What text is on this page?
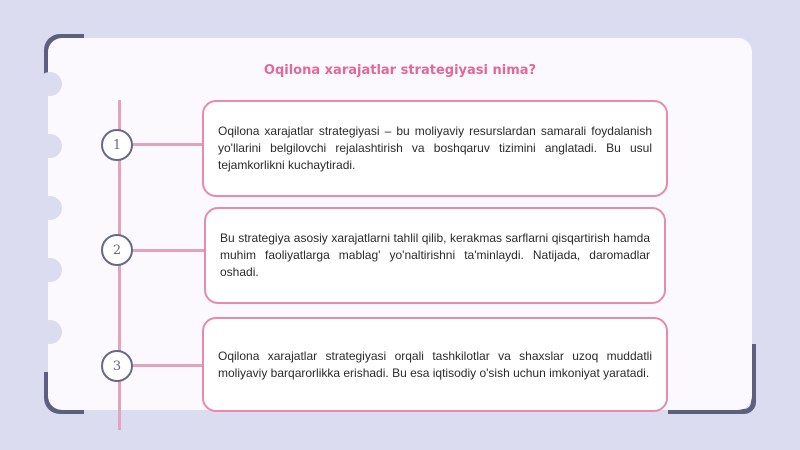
Oqilona xarajatlar strategiyasi nima?
1
2
3

Oqilona xarajatlar strategiyasi – bu moliyaviy resurslardan samarali foydalanish yo'llarini belgilovchi rejalashtirish va boshqaruv tizimini anglatadi. Bu usul tejamkorlikni kuchaytiradi.

Bu strategiya asosiy xarajatlarni tahlil qilib, kerakmas sarflarni qisqartirish hamda muhim faoliyatlarga mablag' yo'naltirishni ta'minlaydi. Natijada, daromadlar oshadi.

Oqilona xarajatlar strategiyasi orqali tashkilotlar va shaxslar uzoq muddatli moliyaviy barqarorlikka erishadi. Bu esa iqtisodiy o'sish uchun imkoniyat yaratadi.
